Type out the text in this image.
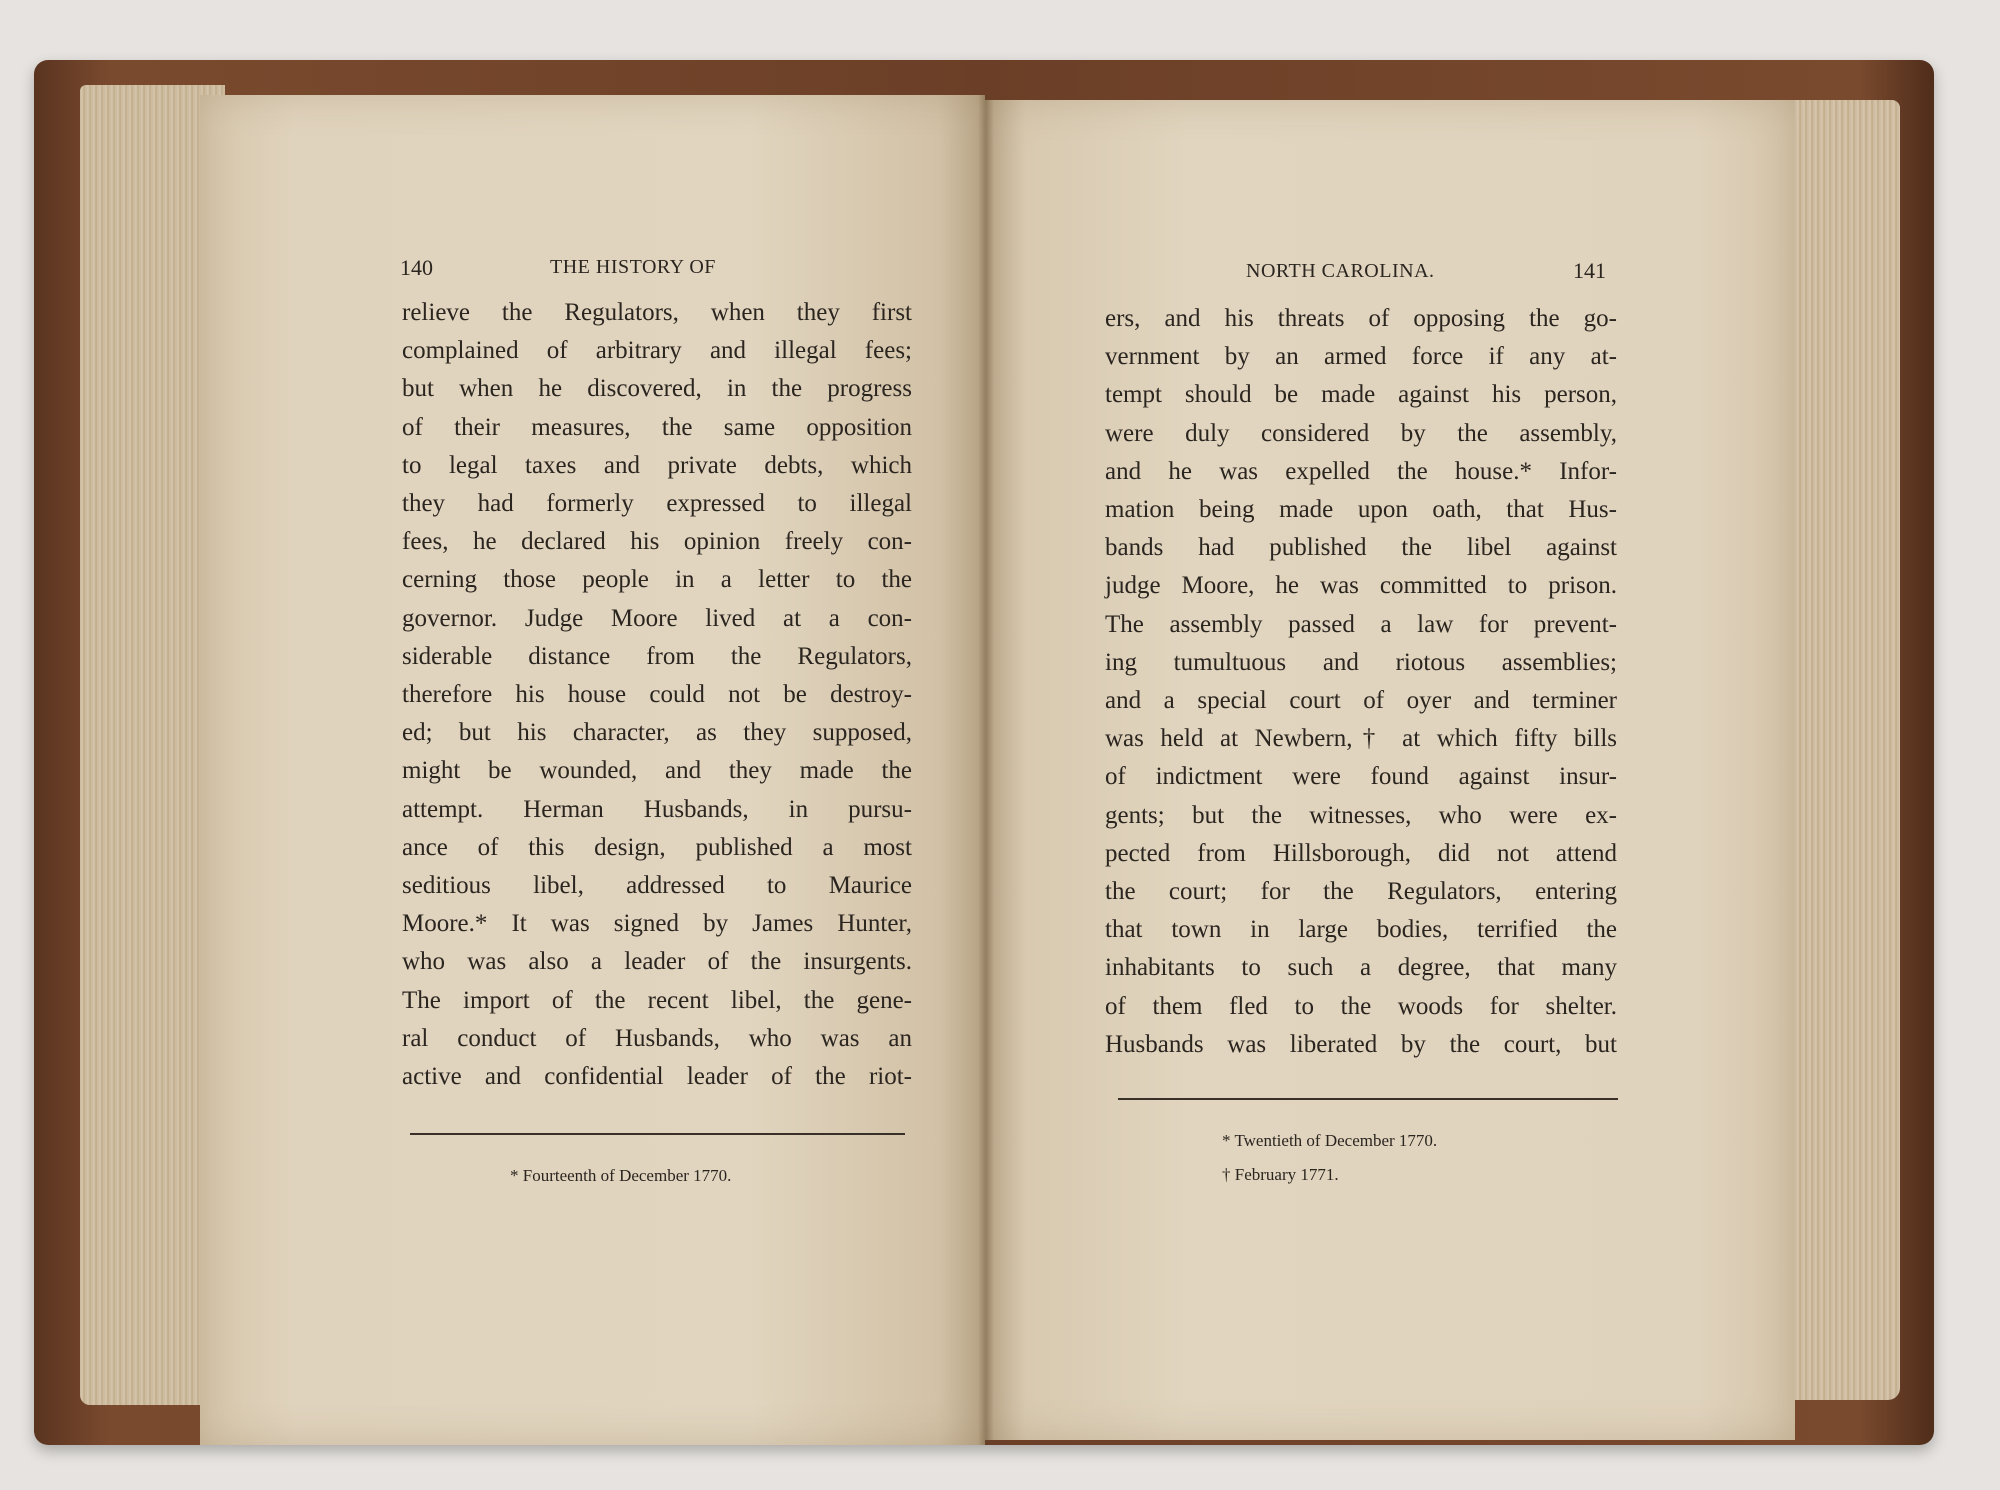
140	THE HISTORY OF	NORTH CAROLINA.	141
relieve the Regulators, when they first
complained of arbitrary and illegal fees;
but when he discovered, in the progress
of their measures, the same opposition
to legal taxes and private debts, which
they had formerly expressed to illegal
fees, he declared his opinion freely con-
cerning those people in a letter to the
governor. Judge Moore lived at a con-
siderable distance from the Regulators,
therefore his house could not be destroy-
ed; but his character, as they supposed,
might be wounded, and they made the
attempt. Herman Husbands, in pursu-
ance of this design, published a most
seditious libel, addressed to Maurice
Moore.* It was signed by James Hunter,
who was also a leader of the insurgents.
The import of the recent libel, the gene-
ral conduct of Husbands, who was an
active and confidential leader of the riot-
ers, and his threats of opposing the go-
vernment by an armed force if any at-
tempt should be made against his person,
were duly considered by the assembly,
and he was expelled the house.* Infor-
mation being made upon oath, that Hus-
bands had published the libel against
judge Moore, he was committed to prison.
The assembly passed a law for prevent-
ing tumultuous and riotous assemblies;
and a special court of oyer and terminer
was held at Newbern,† at which fifty bills
of indictment were found against insur-
gents; but the witnesses, who were ex-
pected from Hillsborough, did not attend
the court; for the Regulators, entering
that town in large bodies, terrified the
inhabitants to such a degree, that many
of them fled to the woods for shelter.
Husbands was liberated by the court, but
* Fourteenth of December 1770.
* Twentieth of December 1770.
† February 1771.
